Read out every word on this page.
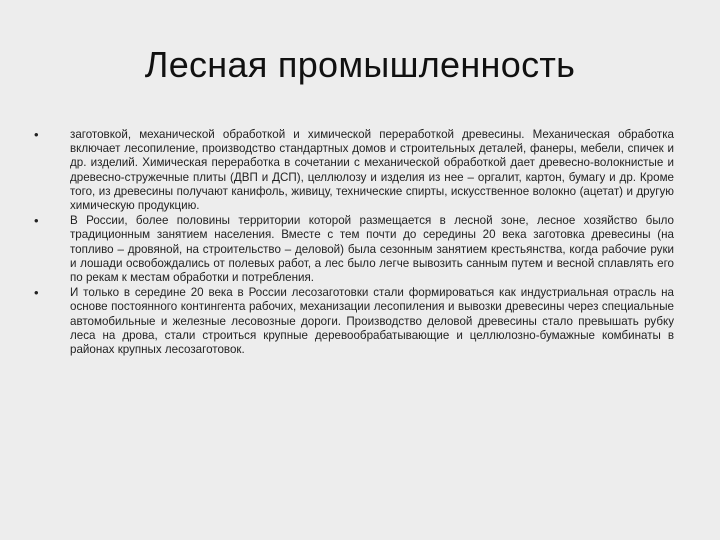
Лесная промышленность
•	заготовкой, механической обработкой и химической переработкой древесины. Механическая обработка включает лесопиление, производство стандартных домов и строительных деталей, фанеры, мебели, спичек и др. изделий. Химическая переработка в сочетании с механической обработкой дает древесно-волокнистые и древесно-стружечные плиты (ДВП и ДСП), целлюлозу и изделия из нее – оргалит, картон, бумагу и др. Кроме того, из древесины получают канифоль, живицу, технические спирты, искусственное волокно (ацетат) и другую химическую продукцию.
•	В России, более половины территории которой размещается в лесной зоне, лесное хозяйство было традиционным занятием населения. Вместе с тем почти до середины 20 века заготовка древесины (на топливо – дровяной, на строительство – деловой) была сезонным занятием крестьянства, когда рабочие руки и лошади освобождались от полевых работ, а лес было легче вывозить санным путем и весной сплавлять его по рекам к местам обработки и потребления.
•	И только в середине 20 века в России лесозаготовки стали формироваться как индустриальная отрасль на основе постоянного контингента рабочих, механизации лесопиления и вывозки древесины через специальные автомобильные и железные лесовозные дороги. Производство деловой древесины стало превышать рубку леса на дрова, стали строиться крупные деревообрабатывающие и целлюлозно-бумажные комбинаты в районах крупных лесозаготовок.
